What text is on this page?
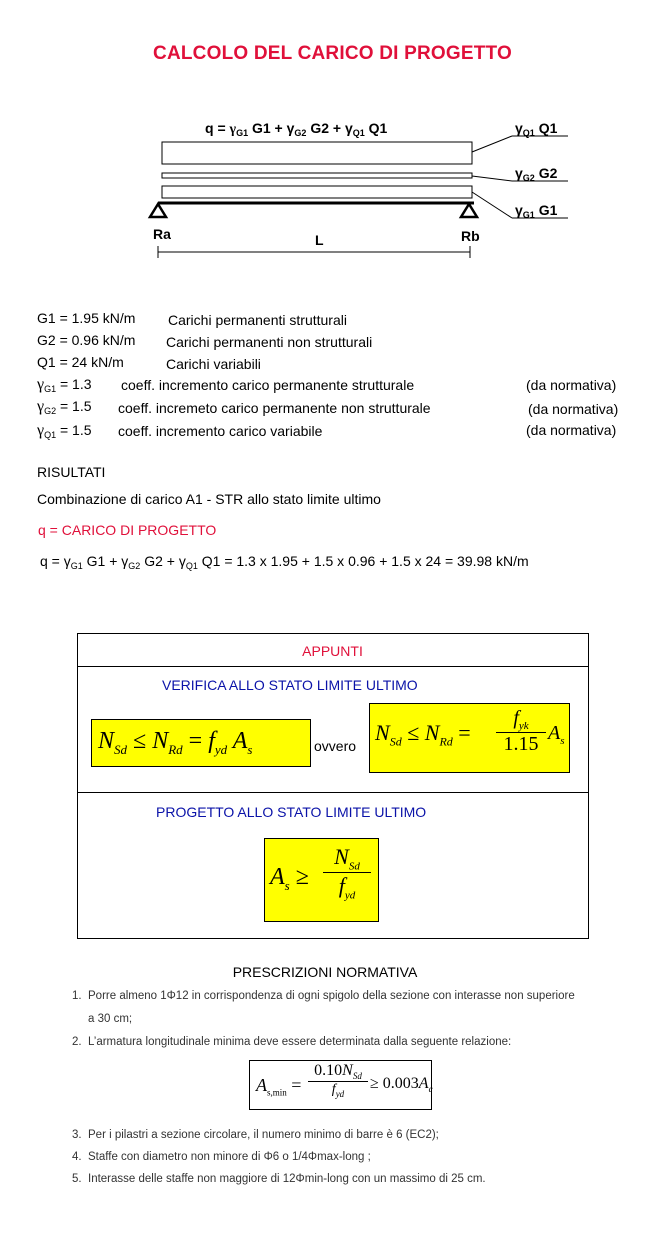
CALCOLO DEL CARICO DI PROGETTO
$q = \gamma_{G1}$ $G1 + \gamma_{G2}$ $G2 + \gamma_{Q1}$ Q1	$\gamma_{Q1}$ Q1
$\gamma_{G2}$ G2
$\gamma_{G1}$ G1
Ra	Rb
L
G1 = 1.95 kN/m Carichi permanenti strutturali
G2 = 0.96 kN/m Carichi permanenti non strutturali
Q1 = 24 kN/m	Carichi variabili
$\gamma_{G1} = 1.3$ coeff. incremento carico permanente strutturale	(da normativa)
$\gamma_{G2} = 1.5$ coeff. incremeto carico permanente non strutturale	(da normativa)
$\gamma_{Q1} = 1.5$ coeff. incremento carico variabile	(da normativa)
RISULTATI
Combinazione di carico A1 - STR allo stato limite ultimo
q = CARICO DI PROGETTO
$q = \gamma_{G1}$ $G1 + \gamma_{G2}$ $G2 + \gamma_{Q1}$ Q1 = 1.3 x 1.95 + 1.5 x 0.96 + 1.5 x 24 = 39.98 kN/m
APPUNTI
VERIFICA ALLO STATO LIMITE ULTIMO
$N_{Sd} \le N_{Rd} = f_{yd}$ $A_s$	ovvero
$N_{Sd} \le N_{Rd}$ =
$f_{yk}$
1.15 $A_s$
PROGETTO ALLO STATO LIMITE ULTIMO
$A_s$ ≥
$N_{Sd}$
$f_{yd}$
PRESCRIZIONI NORMATIVA
1. Porre almeno 1Φ12 in corrispondenza di ogni spigolo della sezione con interasse non superiore
a 30 cm;
2. L’armatura longitudinale minima deve essere determinata dalla seguente relazione:
$A_{s,min}$ =
$0.10N_{Sd}$
$f_{yd}$
≥ $0.003A_c$
3. Per i pilastri a sezione circolare, il numero minimo di barre è 6 (EC2);
4. Staffe con diametro non minore di Φ6 o 1/4Φmax-long ;
5. Interasse delle staffe non maggiore di 12Φmin-long con un massimo di 25 cm.
